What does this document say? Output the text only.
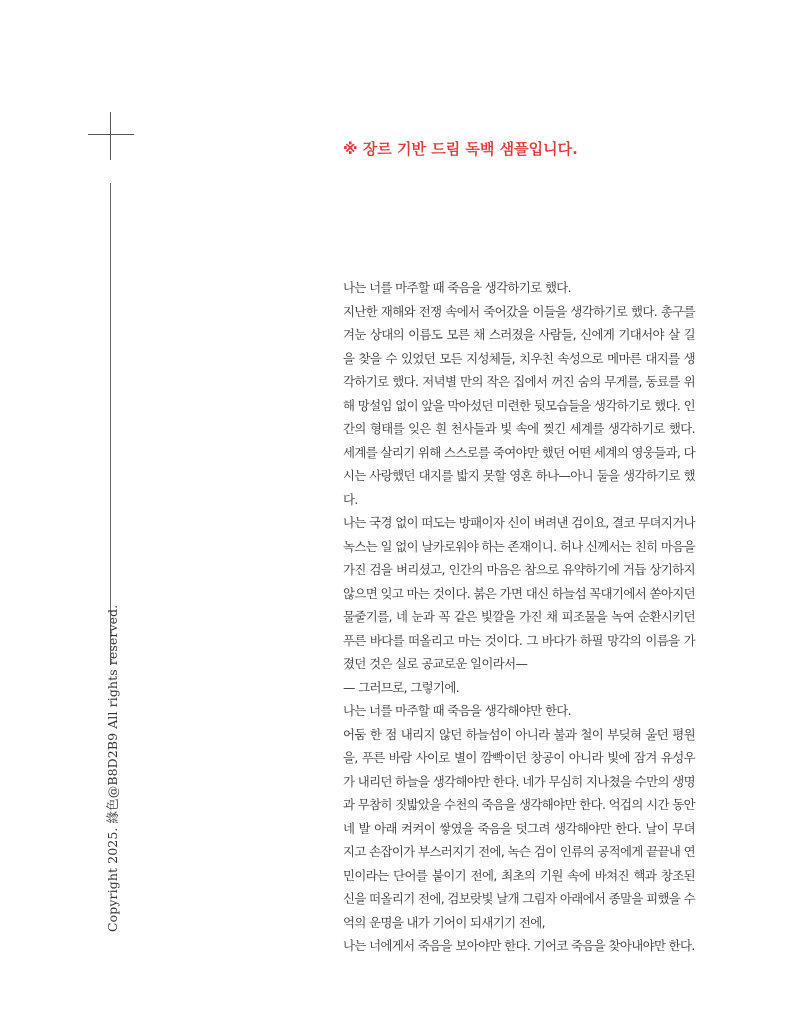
Copyright 2025. 緣色@B8D2B9 All rights reserved.
※ 장르 기반 드림 독백 샘플입니다.

나는 너를 마주할 때 죽음을 생각하기로 했다.

지난한 재해와 전쟁 속에서 죽어갔을 이들을 생각하기로 했다. 총구를 겨눈 상대의 이름도 모른 채 스러졌을 사람들, 신에게 기대서야 살 길을 찾을 수 있었던 모든 지성체들, 치우친 속성으로 메마른 대지를 생각하기로 했다. 저녁별 만의 작은 집에서 꺼진 숨의 무게를, 동료를 위해 망설임 없이 앞을 막아섰던 미련한 뒷모습들을 생각하기로 했다. 인간의 형태를 잊은 흰 천사들과 빛 속에 찢긴 세계를 생각하기로 했다. 세계를 살리기 위해 스스로를 죽여야만 했던 어떤 세계의 영웅들과, 다시는 사랑했던 대지를 밟지 못할 영혼 하나—아니 둘을 생각하기로 했다.

나는 국경 없이 떠도는 방패이자 신이 벼려낸 검이요, 결코 무뎌지거나 녹스는 일 없이 날카로워야 하는 존재이니. 허나 신께서는 친히 마음을 가진 검을 벼리셨고, 인간의 마음은 참으로 유약하기에 거듭 상기하지 않으면 잊고 마는 것이다. 붉은 가면 대신 하늘섬 꼭대기에서 쏟아지던 물줄기를, 네 눈과 꼭 같은 빛깔을 가진 채 피조물을 녹여 순환시키던 푸른 바다를 떠올리고 마는 것이다. 그 바다가 하필 망각의 이름을 가졌던 것은 실로 공교로운 일이라서—

— 그러므로, 그렇기에.

나는 너를 마주할 때 죽음을 생각해야만 한다.

어둠 한 점 내리지 않던 하늘섬이 아니라 불과 철이 부딪혀 울던 평원을, 푸른 바람 사이로 별이 깜빡이던 창공이 아니라 빛에 잠겨 유성우가 내리던 하늘을 생각해야만 한다. 네가 무심히 지나쳤을 수만의 생명과 무참히 짓밟았을 수천의 죽음을 생각해야만 한다. 억겁의 시간 동안 네 발 아래 켜켜이 쌓였을 죽음을 덧그려 생각해야만 한다. 날이 무뎌지고 손잡이가 부스러지기 전에, 녹슨 검이 인류의 공적에게 끝끝내 연민이라는 단어를 붙이기 전에, 최초의 기원 속에 바쳐진 핵과 창조된 신을 떠올리기 전에, 검보랏빛 날개 그림자 아래에서 종말을 피했을 수억의 운명을 내가 기어이 되새기기 전에,

나는 너에게서 죽음을 보아야만 한다. 기어코 죽음을 찾아내야만 한다.
